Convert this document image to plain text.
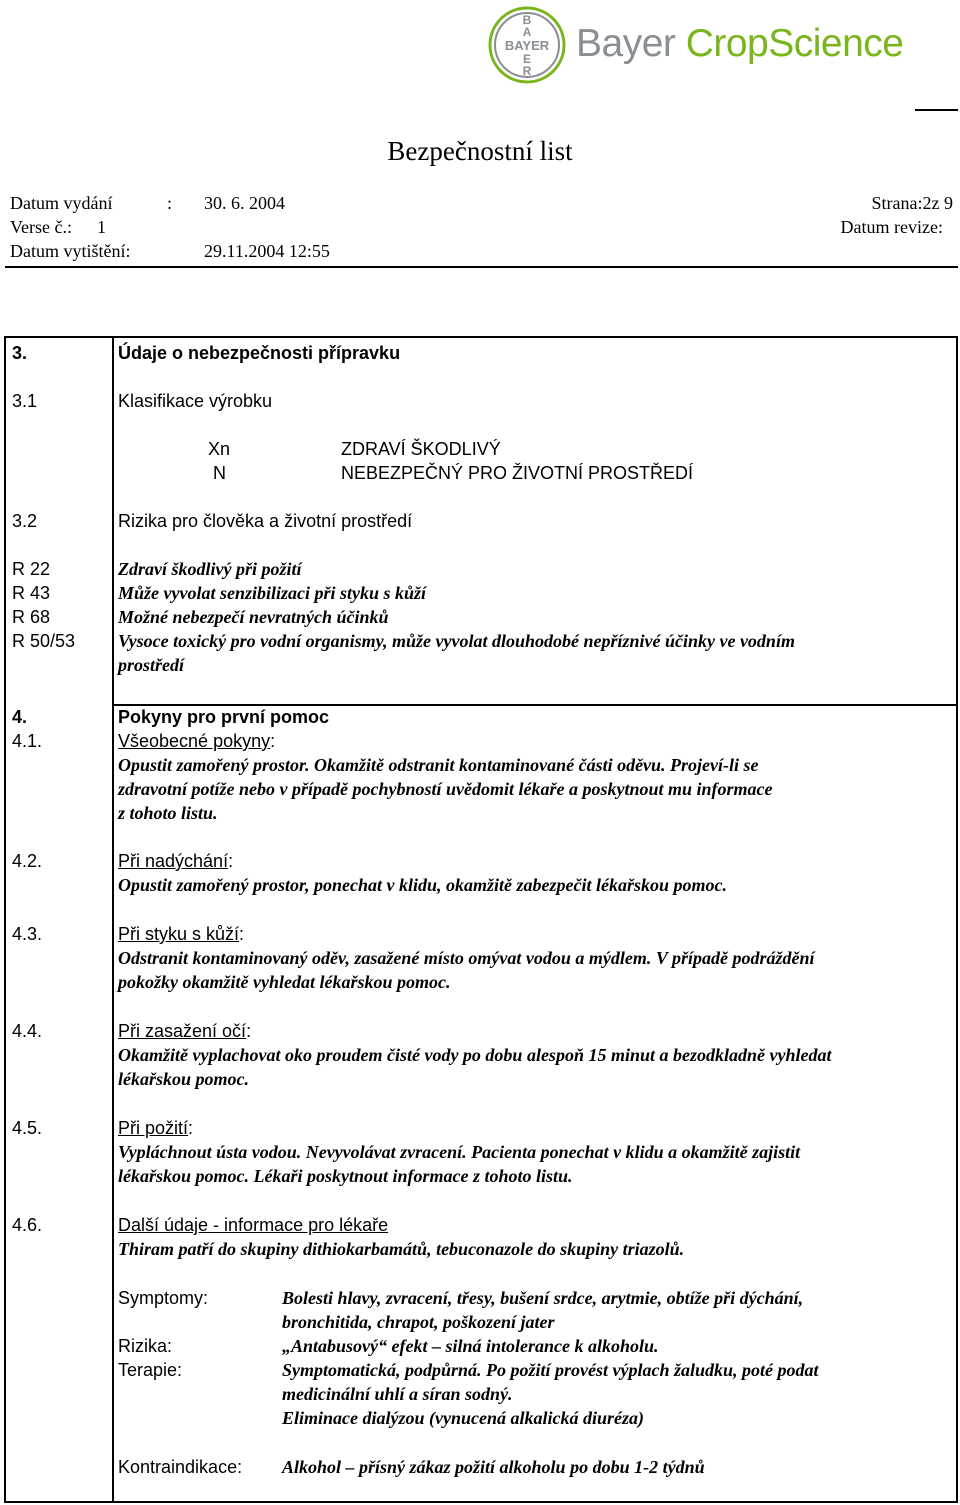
B
A
BAYER
E
R
Bayer CropScience
Bezpečnostní list
Datum vydání	: 30. 6. 2004	Strana:2z 9
Verse č.: 1	Datum revize:
Datum vytištění:	29.11.2004 12:55
3.	Údaje o nebezpečnosti přípravku
3.1	Klasifikace výrobku
Xn	ZDRAVÍ ŠKODLIVÝ
N	NEBEZPEČNÝ PRO ŽIVOTNÍ PROSTŘEDÍ
3.2	Rizika pro člověka a životní prostředí
R 22	Zdraví škodlivý při požití
R 43	Může vyvolat senzibilizaci při styku s kůží
R 68	Možné nebezpečí nevratných účinků
R 50/53 Vysoce toxický pro vodní organismy, může vyvolat dlouhodobé nepříznivé účinky ve vodním
prostředí
4.	Pokyny pro první pomoc
4.1.	Všeobecné pokyny:
Opustit zamořený prostor. Okamžitě odstranit kontaminované části oděvu. Projeví-li se
zdravotní potíže nebo v případě pochybností uvědomit lékaře a poskytnout mu informace
z tohoto listu.
4.2.	Při nadýchání:
Opustit zamořený prostor, ponechat v klidu, okamžitě zabezpečit lékařskou pomoc.
4.3.	Při styku s kůží:
Odstranit kontaminovaný oděv, zasažené místo omývat vodou a mýdlem. V případě podráždění
pokožky okamžitě vyhledat lékařskou pomoc.
4.4.	Při zasažení očí:
Okamžitě vyplachovat oko proudem čisté vody po dobu alespoň 15 minut a bezodkladně vyhledat
lékařskou pomoc.
4.5.	Při požití:
Vypláchnout ústa vodou. Nevyvolávat zvracení. Pacienta ponechat v klidu a okamžitě zajistit
lékařskou pomoc. Lékaři poskytnout informace z tohoto listu.
4.6.	Další údaje - informace pro lékaře
Thiram patří do skupiny dithiokarbamátů, tebuconazole do skupiny triazolů.
Symptomy:	Bolesti hlavy, zvracení, třesy, bušení srdce, arytmie, obtíže při dýchání,
bronchitida, chrapot, poškození jater
Rizika:	„Antabusový“ efekt – silná intolerance k alkoholu.
Terapie:	Symptomatická, podpůrná. Po požití provést výplach žaludku, poté podat
medicinální uhlí a síran sodný.
Eliminace dialýzou (vynucená alkalická diuréza)
Kontraindikace: Alkohol – přísný zákaz požití alkoholu po dobu 1-2 týdnů
